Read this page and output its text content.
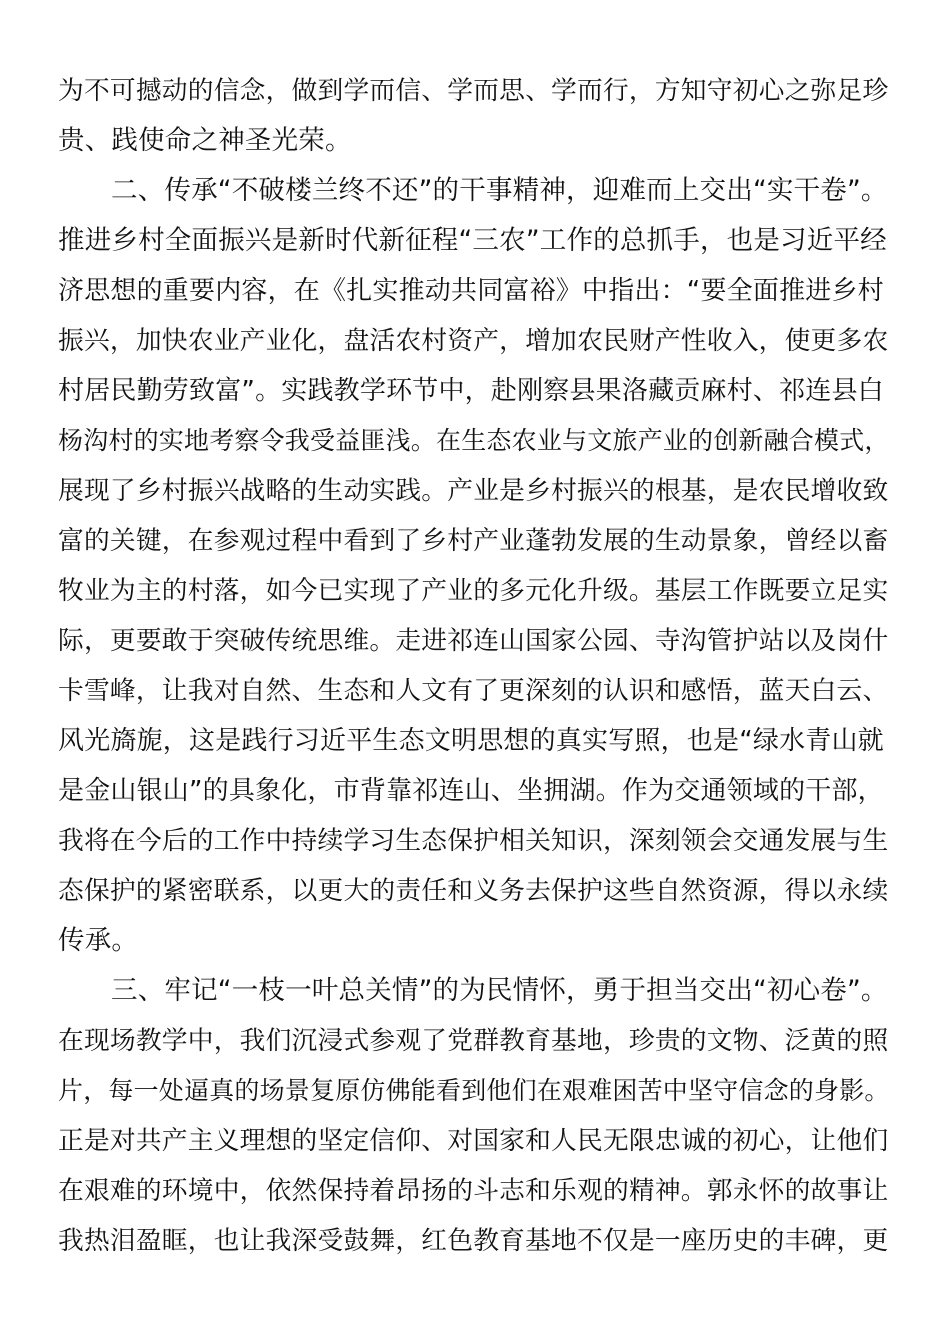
为不可撼动的信念，做到学而信、学而思、学而行，方知守初心之弥足珍
贵、践使命之神圣光荣。
二、传承“不破楼兰终不还”的干事精神，迎难而上交出“实干卷”。
推进乡村全面振兴是新时代新征程“三农”工作的总抓手，也是习近平经
济思想的重要内容，在《扎实推动共同富裕》中指出：“要全面推进乡村
振兴，加快农业产业化，盘活农村资产，增加农民财产性收入，使更多农
村居民勤劳致富”。实践教学环节中，赴刚察县果洛藏贡麻村、祁连县白
杨沟村的实地考察令我受益匪浅。在生态农业与文旅产业的创新融合模式，
展现了乡村振兴战略的生动实践。产业是乡村振兴的根基，是农民增收致
富的关键，在参观过程中看到了乡村产业蓬勃发展的生动景象，曾经以畜
牧业为主的村落，如今已实现了产业的多元化升级。基层工作既要立足实
际，更要敢于突破传统思维。走进祁连山国家公园、寺沟管护站以及岗什
卡雪峰，让我对自然、生态和人文有了更深刻的认识和感悟，蓝天白云、
风光旖旎，这是践行习近平生态文明思想的真实写照，也是“绿水青山就
是金山银山”的具象化，市背靠祁连山、坐拥湖。作为交通领域的干部，
我将在今后的工作中持续学习生态保护相关知识，深刻领会交通发展与生
态保护的紧密联系，以更大的责任和义务去保护这些自然资源，得以永续
传承。
三、牢记“一枝一叶总关情”的为民情怀，勇于担当交出“初心卷”。
在现场教学中，我们沉浸式参观了党群教育基地，珍贵的文物、泛黄的照
片，每一处逼真的场景复原仿佛能看到他们在艰难困苦中坚守信念的身影。
正是对共产主义理想的坚定信仰、对国家和人民无限忠诚的初心，让他们
在艰难的环境中，依然保持着昂扬的斗志和乐观的精神。郭永怀的故事让
我热泪盈眶，也让我深受鼓舞，红色教育基地不仅是一座历史的丰碑，更
